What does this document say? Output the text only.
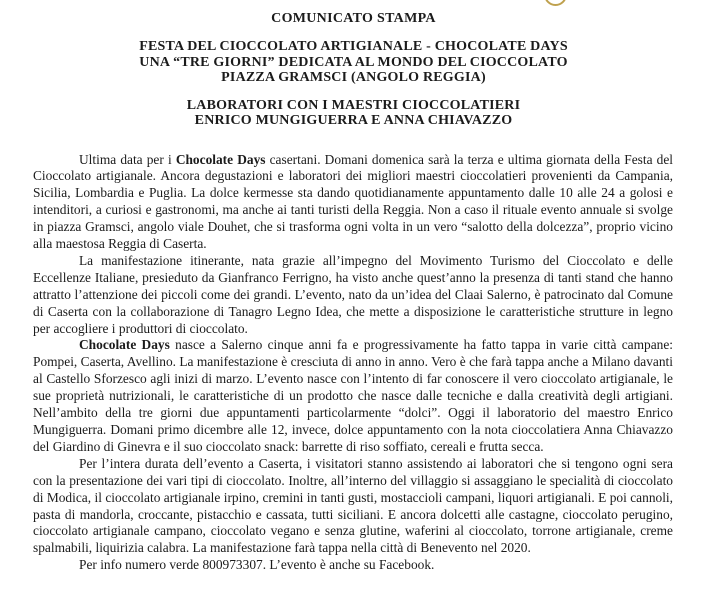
COMUNICATO STAMPA
FESTA DEL CIOCCOLATO ARTIGIANALE - CHOCOLATE DAYS
UNA “TRE GIORNI” DEDICATA AL MONDO DEL CIOCCOLATO
PIAZZA GRAMSCI (ANGOLO REGGIA)
LABORATORI CON I MAESTRI CIOCCOLATIERI
ENRICO MUNGIGUERRA E ANNA CHIAVAZZO

Ultima data per i Chocolate Days casertani. Domani domenica sarà la terza e ultima giornata della Festa del Cioccolato artigianale. Ancora degustazioni e laboratori dei migliori maestri cioccolatieri provenienti da Campania, Sicilia, Lombardia e Puglia. La dolce kermesse sta dando quotidianamente appuntamento dalle 10 alle 24 a golosi e intenditori, a curiosi e gastronomi, ma anche ai tanti turisti della Reggia. Non a caso il rituale evento annuale si svolge in piazza Gramsci, angolo viale Douhet, che si trasforma ogni volta in un vero “salotto della dolcezza”, proprio vicino alla maestosa Reggia di Caserta.

La manifestazione itinerante, nata grazie all’impegno del Movimento Turismo del Cioccolato e delle Eccellenze Italiane, presieduto da Gianfranco Ferrigno, ha visto anche quest’anno la presenza di tanti stand che hanno attratto l’attenzione dei piccoli come dei grandi. L’evento, nato da un’idea del Claai Salerno, è patrocinato dal Comune di Caserta con la collaborazione di Tanagro Legno Idea, che mette a disposizione le caratteristiche strutture in legno per accogliere i produttori di cioccolato.

Chocolate Days nasce a Salerno cinque anni fa e progressivamente ha fatto tappa in varie città campane: Pompei, Caserta, Avellino. La manifestazione è cresciuta di anno in anno. Vero è che farà tappa anche a Milano davanti al Castello Sforzesco agli inizi di marzo. L’evento nasce con l’intento di far conoscere il vero cioccolato artigianale, le sue proprietà nutrizionali, le caratteristiche di un prodotto che nasce dalle tecniche e dalla creatività degli artigiani. Nell’ambito della tre giorni due appuntamenti particolarmente “dolci”. Oggi il laboratorio del maestro Enrico Mungiguerra. Domani primo dicembre alle 12, invece, dolce appuntamento con la nota cioccolatiera Anna Chiavazzo del Giardino di Ginevra e il suo cioccolato snack: barrette di riso soffiato, cereali e frutta secca.

Per l’intera durata dell’evento a Caserta, i visitatori stanno assistendo ai laboratori che si tengono ogni sera con la presentazione dei vari tipi di cioccolato. Inoltre, all’interno del villaggio si assaggiano le specialità di cioccolato di Modica, il cioccolato artigianale irpino, cremini in tanti gusti, mostaccioli campani, liquori artigianali. E poi cannoli, pasta di mandorla, croccante, pistacchio e cassata, tutti siciliani. E ancora dolcetti alle castagne, cioccolato perugino, cioccolato artigianale campano, cioccolato vegano e senza glutine, waferini al cioccolato, torrone artigianale, creme spalmabili, liquirizia calabra. La manifestazione farà tappa nella città di Benevento nel 2020.

Per info numero verde 800973307. L’evento è anche su Facebook.
